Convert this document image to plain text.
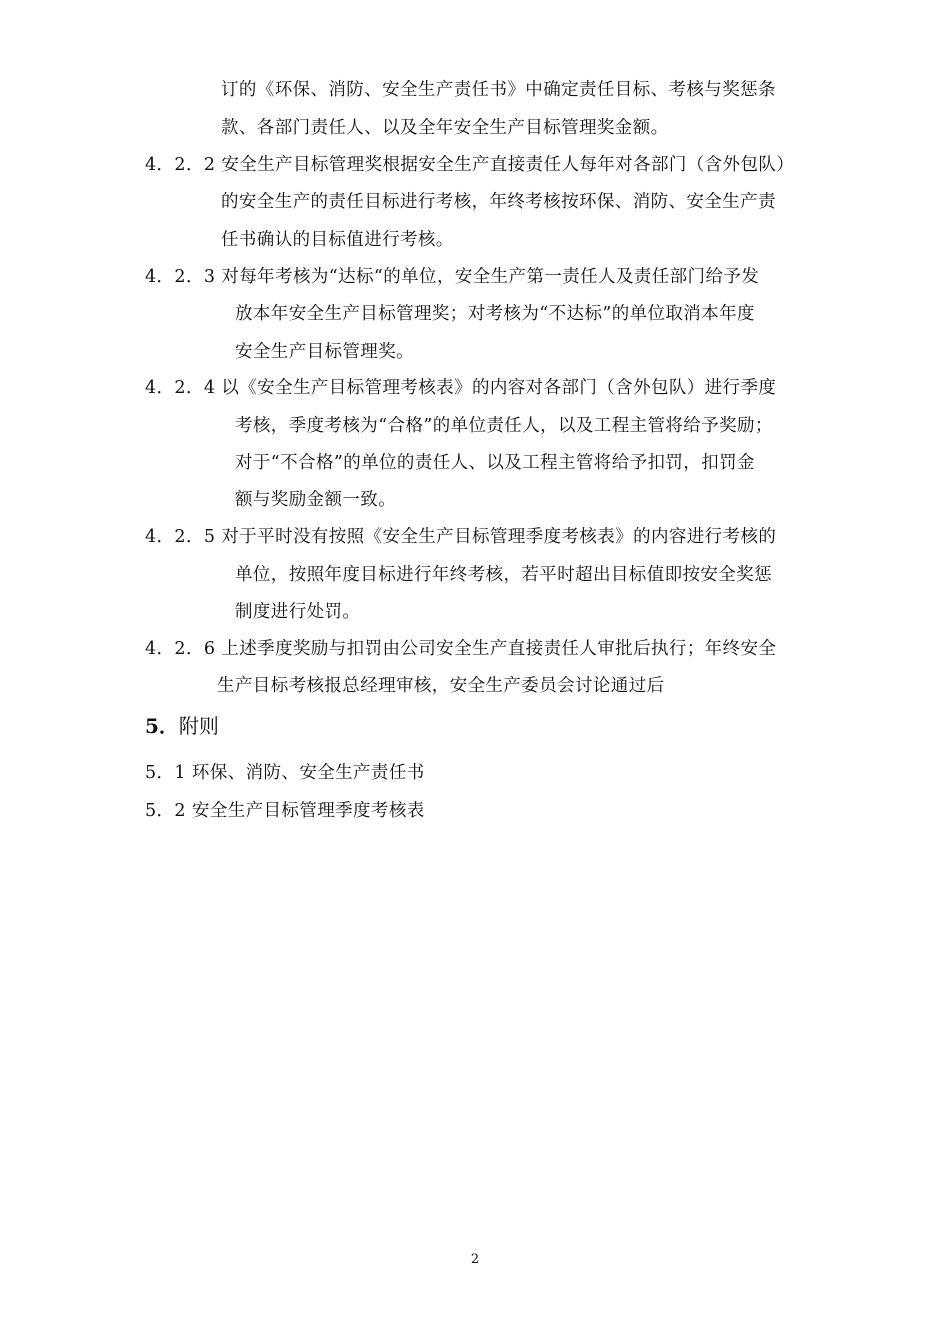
订的《环保、消防、安全生产责任书》中确定责任目标、考核与奖惩条
款、各部门责任人、以及全年安全生产目标管理奖金额。
4．2．2 安全生产目标管理奖根据安全生产直接责任人每年对各部门（含外包队）
的安全生产的责任目标进行考核，年终考核按环保、消防、安全生产责
任书确认的目标值进行考核。
4．2．3 对每年考核为“达标“的单位，安全生产第一责任人及责任部门给予发
放本年安全生产目标管理奖；对考核为“不达标”的单位取消本年度
安全生产目标管理奖。
4．2．4 以《安全生产目标管理考核表》的内容对各部门（含外包队）进行季度
考核，季度考核为“合格”的单位责任人，以及工程主管将给予奖励；
对于“不合格”的单位的责任人、以及工程主管将给予扣罚，扣罚金
额与奖励金额一致。
4．2．5 对于平时没有按照《安全生产目标管理季度考核表》的内容进行考核的
单位，按照年度目标进行年终考核，若平时超出目标值即按安全奖惩
制度进行处罚。
4．2．6 上述季度奖励与扣罚由公司安全生产直接责任人审批后执行；年终安全
生产目标考核报总经理审核，安全生产委员会讨论通过后
5．附则
5．1 环保、消防、安全生产责任书
5．2 安全生产目标管理季度考核表
2
